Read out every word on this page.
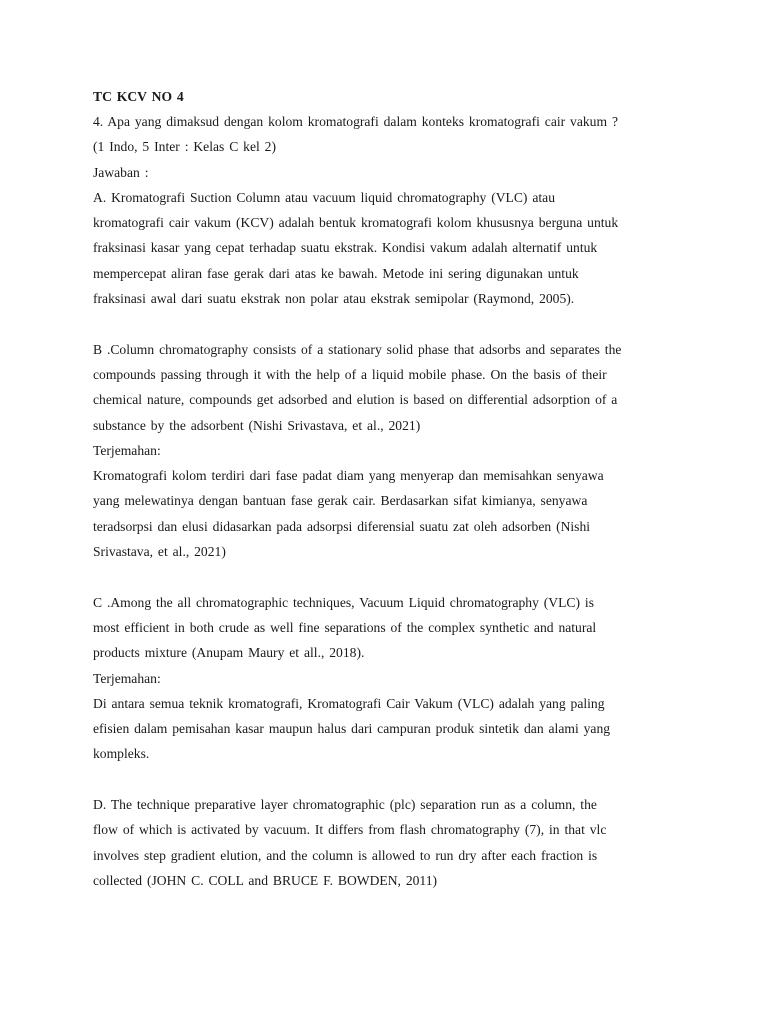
TC KCV NO 4

4. Apa yang dimaksud dengan kolom kromatografi dalam konteks kromatografi cair vakum ?

(1 Indo, 5 Inter : Kelas C kel 2)

Jawaban :

A. Kromatografi Suction Column atau vacuum liquid chromatography (VLC) atau

kromatografi cair vakum (KCV) adalah bentuk kromatografi kolom khususnya berguna untuk

fraksinasi kasar yang cepat terhadap suatu ekstrak. Kondisi vakum adalah alternatif untuk

mempercepat aliran fase gerak dari atas ke bawah. Metode ini sering digunakan untuk

fraksinasi awal dari suatu ekstrak non polar atau ekstrak semipolar (Raymond, 2005).

B .Column chromatography consists of a stationary solid phase that adsorbs and separates the

compounds passing through it with the help of a liquid mobile phase. On the basis of their

chemical nature, compounds get adsorbed and elution is based on differential adsorption of a

substance by the adsorbent (Nishi Srivastava, et al., 2021)

Terjemahan:

Kromatografi kolom terdiri dari fase padat diam yang menyerap dan memisahkan senyawa

yang melewatinya dengan bantuan fase gerak cair. Berdasarkan sifat kimianya, senyawa

teradsorpsi dan elusi didasarkan pada adsorpsi diferensial suatu zat oleh adsorben (Nishi

Srivastava, et al., 2021)

C .Among the all chromatographic techniques, Vacuum Liquid chromatography (VLC) is

most efficient in both crude as well fine separations of the complex synthetic and natural

products mixture (Anupam Maury et all., 2018).

Terjemahan:

Di antara semua teknik kromatografi, Kromatografi Cair Vakum (VLC) adalah yang paling

efisien dalam pemisahan kasar maupun halus dari campuran produk sintetik dan alami yang

kompleks.

D. The technique preparative layer chromatographic (plc) separation run as a column, the

flow of which is activated by vacuum. It differs from flash chromatography (7), in that vlc

involves step gradient elution, and the column is allowed to run dry after each fraction is

collected (JOHN C. COLL and BRUCE F. BOWDEN, 2011)
